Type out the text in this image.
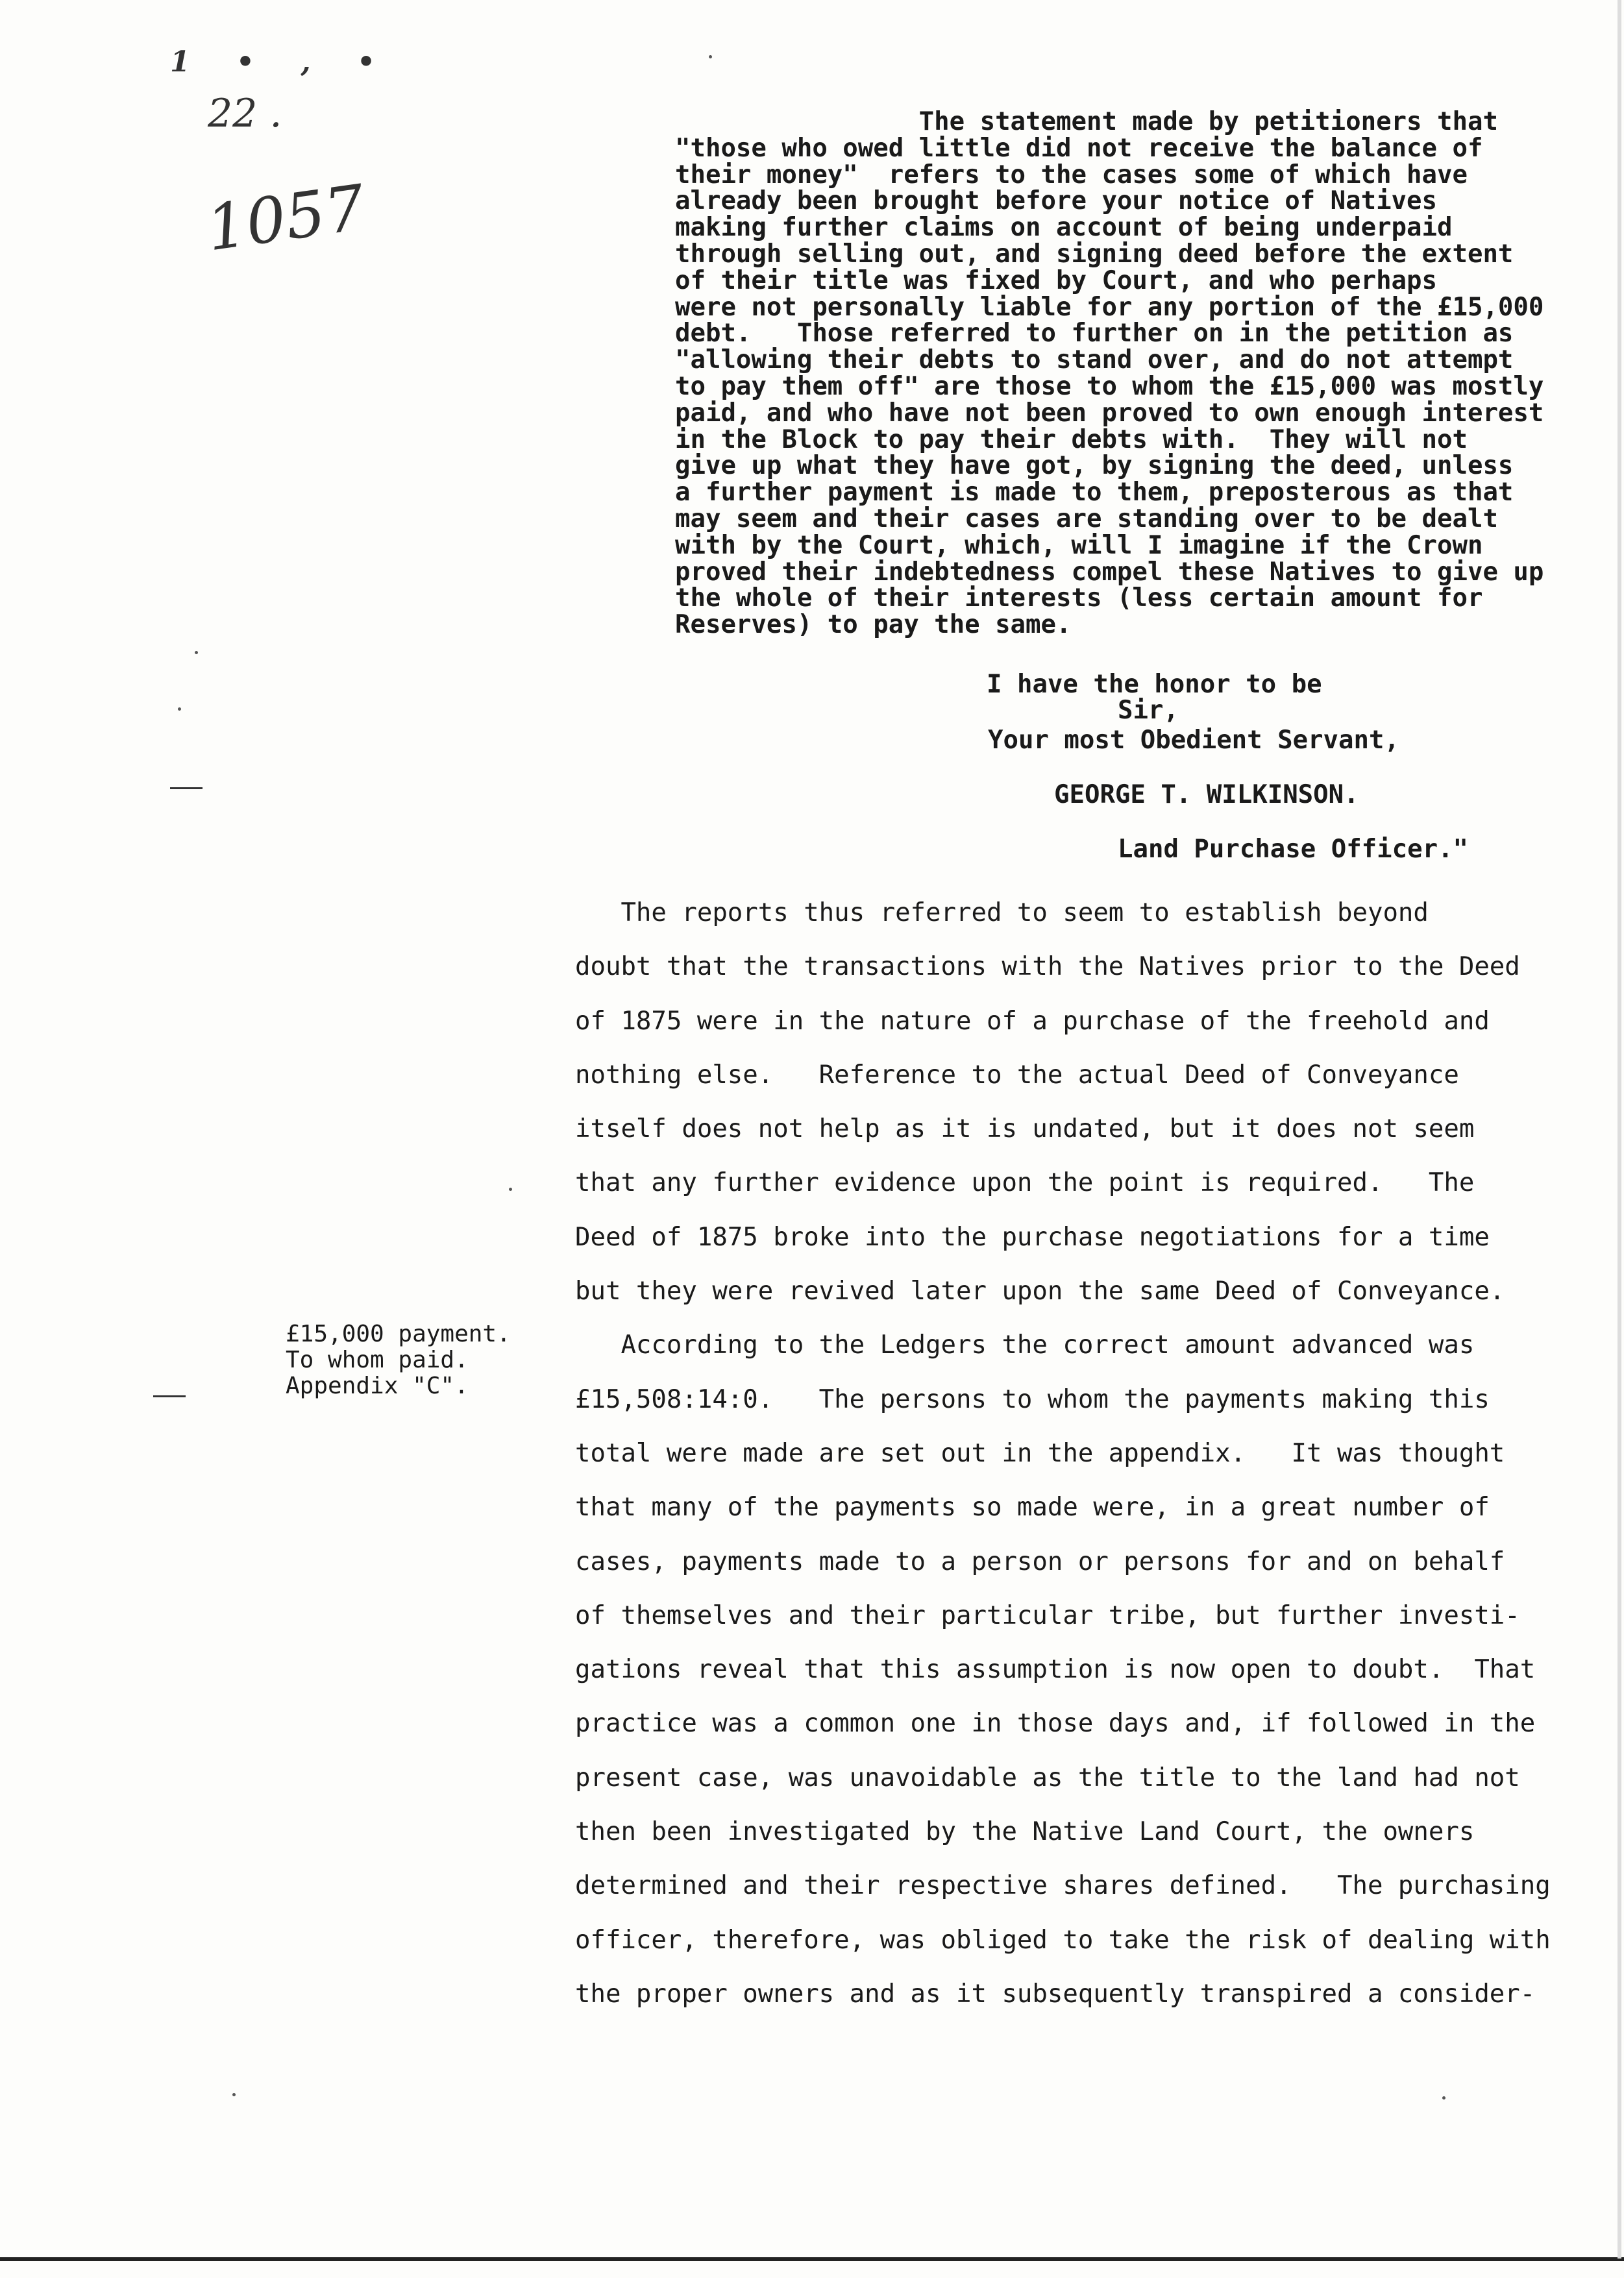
1 • , •
22 .
1057
The statement made by petitioners that
"those who owed little did not receive the balance of
their money"  refers to the cases some of which have
already been brought before your notice of Natives
making further claims on account of being underpaid
through selling out, and signing deed before the extent
of their title was fixed by Court, and who perhaps
were not personally liable for any portion of the £15,000
debt.   Those referred to further on in the petition as
"allowing their debts to stand over, and do not attempt
to pay them off" are those to whom the £15,000 was mostly
paid, and who have not been proved to own enough interest
in the Block to pay their debts with.  They will not
give up what they have got, by signing the deed, unless
a further payment is made to them, preposterous as that
may seem and their cases are standing over to be dealt
with by the Court, which, will I imagine if the Crown
proved their indebtedness compel these Natives to give up
the whole of their interests (less certain amount for
Reserves) to pay the same.
I have the honor to be
Sir,
Your most Obedient Servant,
GEORGE T. WILKINSON.
Land Purchase Officer."
£15,000 payment.
To whom paid.
Appendix "C".
The reports thus referred to seem to establish beyond
doubt that the transactions with the Natives prior to the Deed
of 1875 were in the nature of a purchase of the freehold and
nothing else.   Reference to the actual Deed of Conveyance
itself does not help as it is undated, but it does not seem
that any further evidence upon the point is required.   The
Deed of 1875 broke into the purchase negotiations for a time
but they were revived later upon the same Deed of Conveyance.
According to the Ledgers the correct amount advanced was
£15,508:14:0.   The persons to whom the payments making this
total were made are set out in the appendix.   It was thought
that many of the payments so made were, in a great number of
cases, payments made to a person or persons for and on behalf
of themselves and their particular tribe, but further investi-
gations reveal that this assumption is now open to doubt.  That
practice was a common one in those days and, if followed in the
present case, was unavoidable as the title to the land had not
then been investigated by the Native Land Court, the owners
determined and their respective shares defined.   The purchasing
officer, therefore, was obliged to take the risk of dealing with
the proper owners and as it subsequently transpired a consider-
